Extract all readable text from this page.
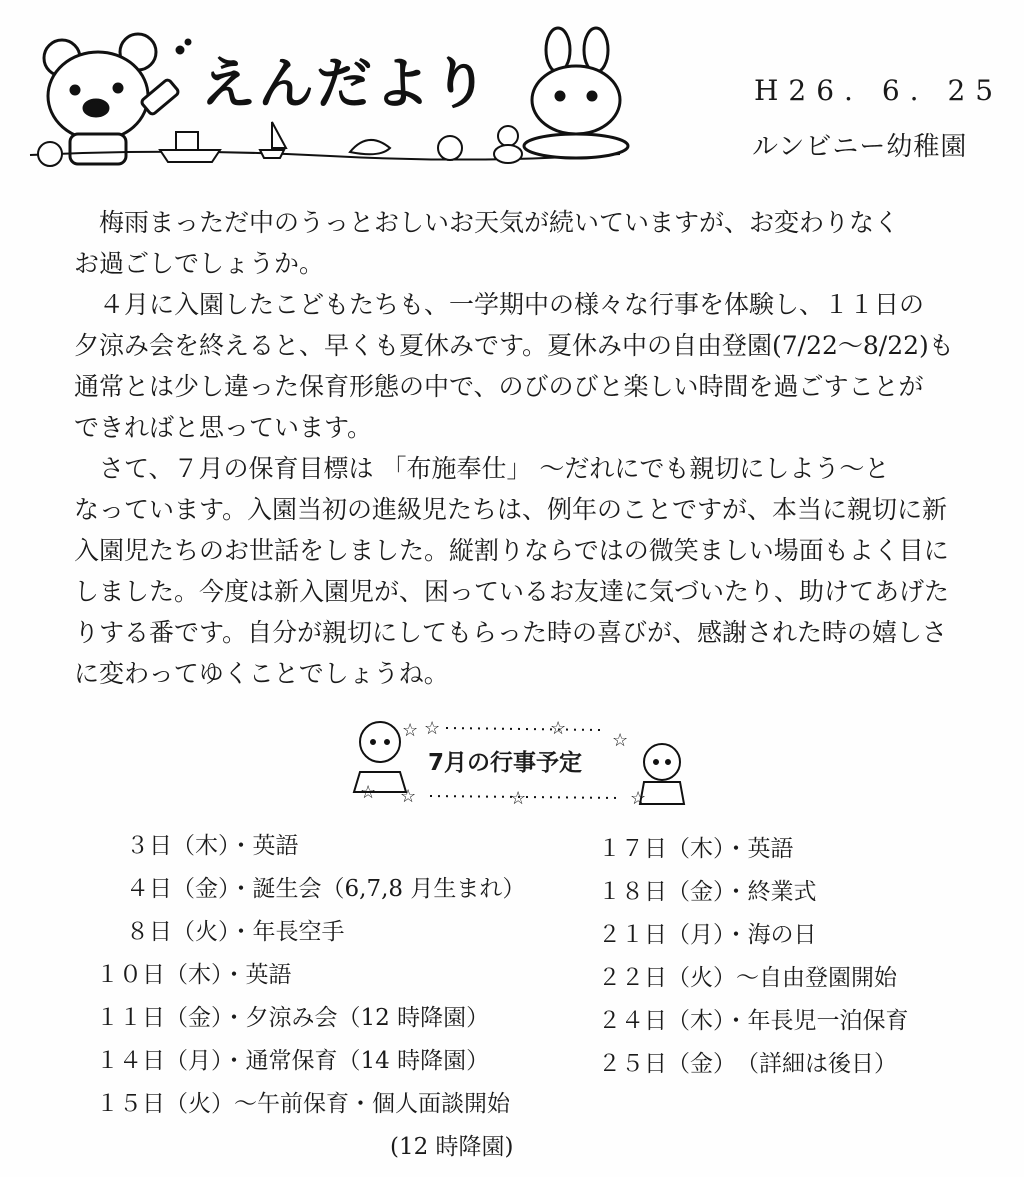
えんだより	H26. 6. 25
ルンビニー幼稚園

　梅雨まっただ中のうっとおしいお天気が続いていますが、お変わりなく

お過ごしでしょうか。

　４月に入園したこどもたちも、一学期中の様々な行事を体験し、１１日の

夕涼み会を終えると、早くも夏休みです。夏休み中の自由登園(7/22～8/22)も

通常とは少し違った保育形態の中で、のびのびと楽しい時間を過ごすことが

できればと思っています。

　さて、７月の保育目標は 「布施奉仕」 ～だれにでも親切にしよう～と

なっています。入園当初の進級児たちは、例年のことですが、本当に親切に新

入園児たちのお世話をしました。縦割りならではの微笑ましい場面もよく目に

しました。今度は新入園児が、困っているお友達に気づいたり、助けてあげた

りする番です。自分が親切にしてもらった時の喜びが、感謝された時の嬉しさ

に変わってゆくことでしょうね。

☆ ☆	☆
☆
☆ ☆	☆	☆
7月の行事予定
３日（木）・英語
４日（金）・誕生会（6,7,8 月生まれ）
８日（火）・年長空手
１０日（木）・英語
１１日（金）・夕涼み会（12 時降園）
１４日（月）・通常保育（14 時降園）
１５日（火）～午前保育・個人面談開始
(12 時降園)
１７日（木）・英語
１８日（金）・終業式
２１日（月）・海の日
２２日（火）～自由登園開始
２４日（木）・年長児一泊保育
２５日（金）　（詳細は後日）
